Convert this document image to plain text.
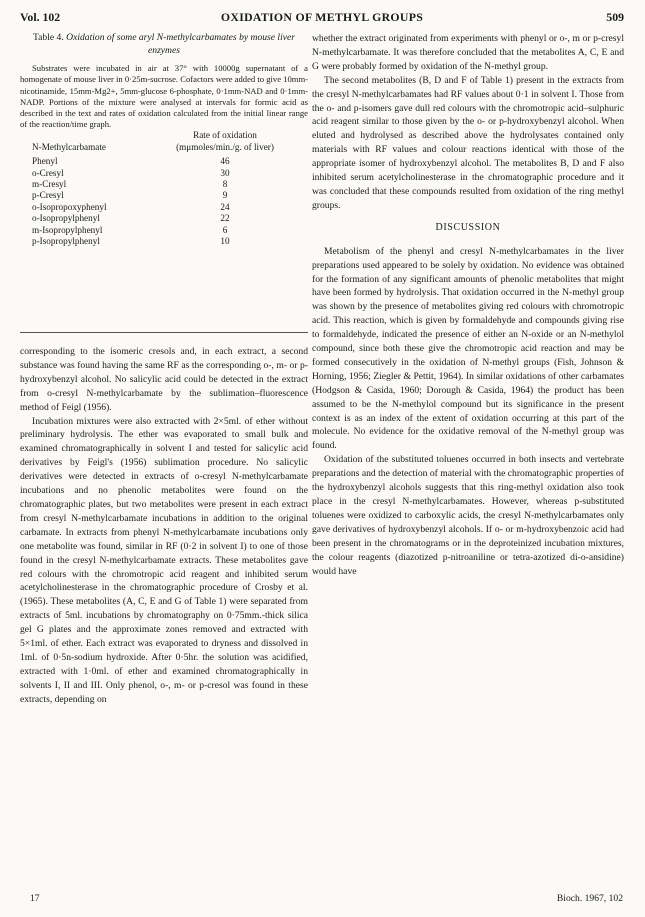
Vol. 102	OXIDATION OF METHYL GROUPS	509
Table 4. Oxidation of some aryl N-methylcarbamates by mouse liver enzymes

Substrates were incubated in air at 37° with 10000g supernatant of a homogenate of mouse liver in 0·25m-sucrose. Cofactors were added to give 10mm-nicotinamide, 15mm-Mg2+, 5mm-glucose 6-phosphate, 0·1mm-NAD and 0·1mm-NADP. Portions of the mixture were analysed at intervals for formic acid as described in the text and rates of oxidation calculated from the initial linear range of the reaction/time graph.

	Rate of oxidation
N-Methylcarbamate	(mμmoles/min./g. of liver)

Phenyl	46
o-Cresyl	30
m-Cresyl	8
p-Cresyl	9
o-Isopropoxyphenyl	24
o-Isopropylphenyl	22
m-Isopropylphenyl	6
p-Isopropylphenyl	10

corresponding to the isomeric cresols and, in each extract, a second substance was found having the same RF as the corresponding o-, m- or p-hydroxybenzyl alcohol. No salicylic acid could be detected in the extract from o-cresyl N-methylcarbamate by the sublimation–fluorescence method of Feigl (1956).

Incubation mixtures were also extracted with 2×5ml. of ether without preliminary hydrolysis. The ether was evaporated to small bulk and examined chromatographically in solvent I and tested for salicylic acid derivatives by Feigl's (1956) sublimation procedure. No salicylic derivatives were detected in extracts of o-cresyl N-methylcarbamate incubations and no phenolic metabolites were found on the chromatographic plates, but two metabolites were present in each extract from cresyl N-methylcarbamate incubations in addition to the original carbamate. In extracts from phenyl N-methylcarbamate incubations only one metabolite was found, similar in RF (0·2 in solvent I) to one of those found in the cresyl N-methylcarbamate extracts. These metabolites gave red colours with the chromotropic acid reagent and inhibited serum acetylcholinesterase in the chromatographic procedure of Crosby et al. (1965). These metabolites (A, C, E and G of Table 1) were separated from extracts of 5ml. incubations by chromatography on 0·75mm.-thick silica gel G plates and the approximate zones removed and extracted with 5×1ml. of ether. Each extract was evaporated to dryness and dissolved in 1ml. of 0·5n-sodium hydroxide. After 0·5hr. the solution was acidified, extracted with 1·0ml. of ether and examined chromatographically in solvents I, II and III. Only phenol, o-, m- or p-cresol was found in these extracts, depending on

whether the extract originated from experiments with phenyl or o-, m or p-cresyl N-methylcarbamate. It was therefore concluded that the metabolites A, C, E and G were probably formed by oxidation of the N-methyl group.

The second metabolites (B, D and F of Table 1) present in the extracts from the cresyl N-methylcarbamates had RF values about 0·1 in solvent I. Those from the o- and p-isomers gave dull red colours with the chromotropic acid–sulphuric acid reagent similar to those given by the o- or p-hydroxybenzyl alcohol. When eluted and hydrolysed as described above the hydrolysates contained only materials with RF values and colour reactions identical with those of the appropriate isomer of hydroxybenzyl alcohol. The metabolites B, D and F also inhibited serum acetylcholinesterase in the chromatographic procedure and it was concluded that these compounds resulted from oxidation of the ring methyl groups.

DISCUSSION

Metabolism of the phenyl and cresyl N-methylcarbamates in the liver preparations used appeared to be solely by oxidation. No evidence was obtained for the formation of any significant amounts of phenolic metabolites that might have been formed by hydrolysis. That oxidation occurred in the N-methyl group was shown by the presence of metabolites giving red colours with chromotropic acid. This reaction, which is given by formaldehyde and compounds giving rise to formaldehyde, indicated the presence of either an N-oxide or an N-methylol compound, since both these give the chromotropic acid reaction and may be formed consecutively in the oxidation of N-methyl groups (Fish, Johnson & Horning, 1956; Ziegler & Pettit, 1964). In similar oxidations of other carbamates (Hodgson & Casida, 1960; Dorough & Casida, 1964) the product has been assumed to be the N-methylol compound but its significance in the present context is as an index of the extent of oxidation occurring at this part of the molecule. No evidence for the oxidative removal of the N-methyl group was found.

Oxidation of the substituted toluenes occurred in both insects and vertebrate preparations and the detection of material with the chromatographic properties of the hydroxybenzyl alcohols suggests that this ring-methyl oxidation also took place in the cresyl N-methylcarbamates. However, whereas p-substituted toluenes were oxidized to carboxylic acids, the cresyl N-methylcarbamates only gave derivatives of hydroxybenzyl alcohols. If o- or m-hydroxybenzoic acid had been present in the chromatograms or in the deproteinized incubation mixtures, the colour reagents (diazotized p-nitroaniline or tetra-azotized di-o-ansidine) would have

17	Bioch. 1967, 102
